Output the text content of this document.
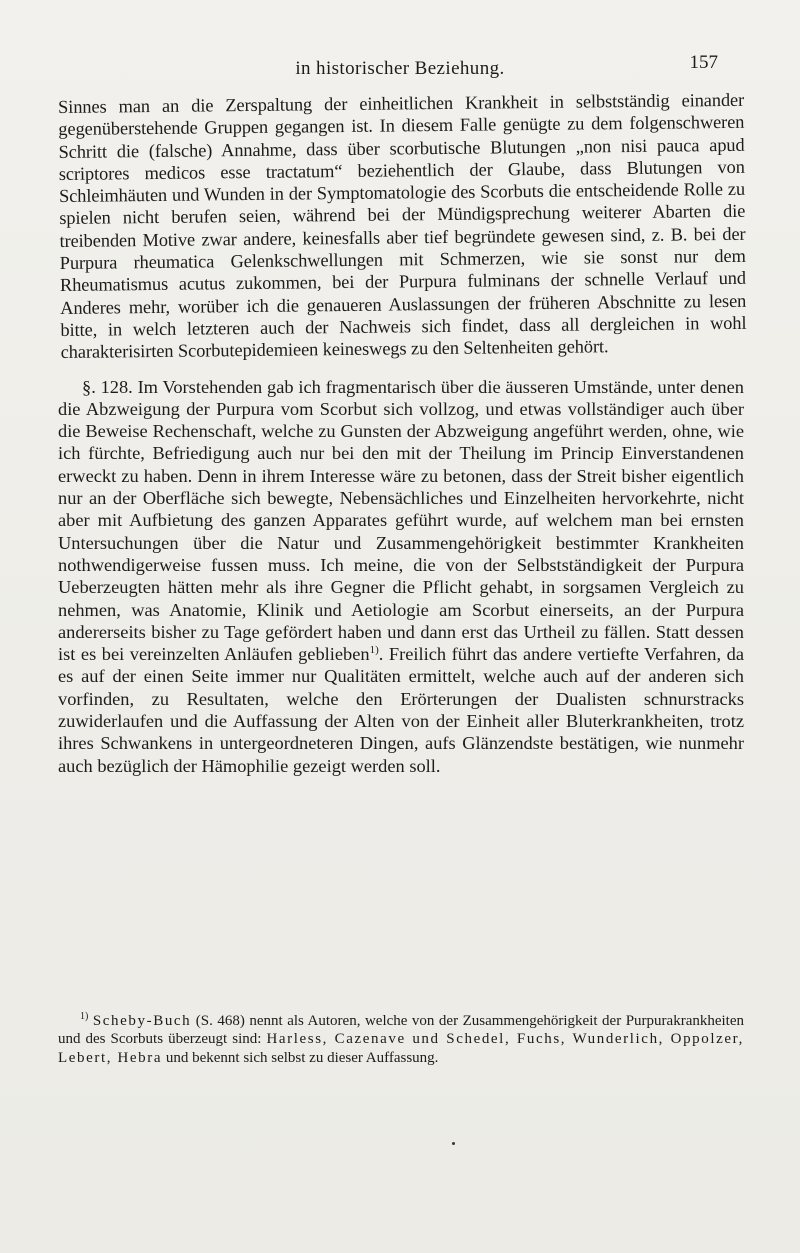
in historischer Beziehung.	157

Sinnes man an die Zerspaltung der einheitlichen Krankheit in selbstständig einander gegenüberstehende Gruppen gegangen ist. In diesem Falle genügte zu dem folgenschweren Schritt die (falsche) Annahme, dass über scorbutische Blutungen „non nisi pauca apud scriptores medicos esse tractatum“ beziehentlich der Glaube, dass Blutungen von Schleimhäuten und Wunden in der Symptomatologie des Scorbuts die entscheidende Rolle zu spielen nicht berufen seien, während bei der Mündigsprechung weiterer Abarten die treibenden Motive zwar andere, keinesfalls aber tief begründete gewesen sind, z. B. bei der Purpura rheumatica Gelenkschwellungen mit Schmerzen, wie sie sonst nur dem Rheumatismus acutus zukommen, bei der Purpura fulminans der schnelle Verlauf und Anderes mehr, worüber ich die genaueren Auslassungen der früheren Abschnitte zu lesen bitte, in welch letzteren auch der Nachweis sich findet, dass all dergleichen in wohl charakterisirten Scorbutepidemieen keineswegs zu den Seltenheiten gehört.

§. 128. Im Vorstehenden gab ich fragmentarisch über die äusseren Umstände, unter denen die Abzweigung der Purpura vom Scorbut sich vollzog, und etwas vollständiger auch über die Beweise Rechenschaft, welche zu Gunsten der Abzweigung angeführt werden, ohne, wie ich fürchte, Befriedigung auch nur bei den mit der Theilung im Princip Einverstandenen erweckt zu haben. Denn in ihrem Interesse wäre zu betonen, dass der Streit bisher eigentlich nur an der Oberfläche sich bewegte, Nebensächliches und Einzelheiten hervorkehrte, nicht aber mit Aufbietung des ganzen Apparates geführt wurde, auf welchem man bei ernsten Untersuchungen über die Natur und Zusammengehörigkeit bestimmter Krankheiten nothwendigerweise fussen muss. Ich meine, die von der Selbstständigkeit der Purpura Ueberzeugten hätten mehr als ihre Gegner die Pflicht gehabt, in sorgsamen Vergleich zu nehmen, was Anatomie, Klinik und Aetiologie am Scorbut einerseits, an der Purpura andererseits bisher zu Tage gefördert haben und dann erst das Urtheil zu fällen. Statt dessen ist es bei vereinzelten Anläufen geblieben$^{1)}$. Freilich führt das andere vertiefte Verfahren, da es auf der einen Seite immer nur Qualitäten ermittelt, welche auch auf der anderen sich vorfinden, zu Resultaten, welche den Erörterungen der Dualisten schnurstracks zuwiderlaufen und die Auffassung der Alten von der Einheit aller Bluterkrankheiten, trotz ihres Schwankens in untergeordneteren Dingen, aufs Glänzendste bestätigen, wie nunmehr auch bezüglich der Hämophilie gezeigt werden soll.

$^{1)}$ Scheby-Buch (S. 468) nennt als Autoren, welche von der Zusammengehörigkeit der Purpurakrankheiten und des Scorbuts überzeugt sind: Harless, Cazenave und Schedel, Fuchs, Wunderlich, Oppolzer, Lebert, Hebra und bekennt sich selbst zu dieser Auffassung.
